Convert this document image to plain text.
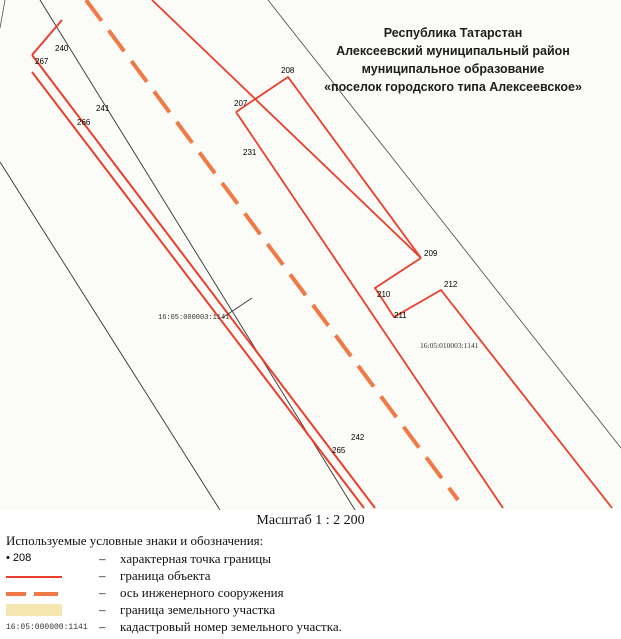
Республика Татарстан
Алексеевский муниципальный район
муниципальное образование
«поселок городского типа Алексеевское»
240
267
241
266
208
207
231
209
210
211
212
242
265
16:05:000003:1141
16:05:010003:1141
Масштаб 1 : 2 200
Используемые условные знаки и обозначения:
• 208	– характерная точка границы
– граница объекта
– ось инженерного сооружения
– граница земельного участка
16:05:000000:1141 – кадастровый номер земельного участка.
